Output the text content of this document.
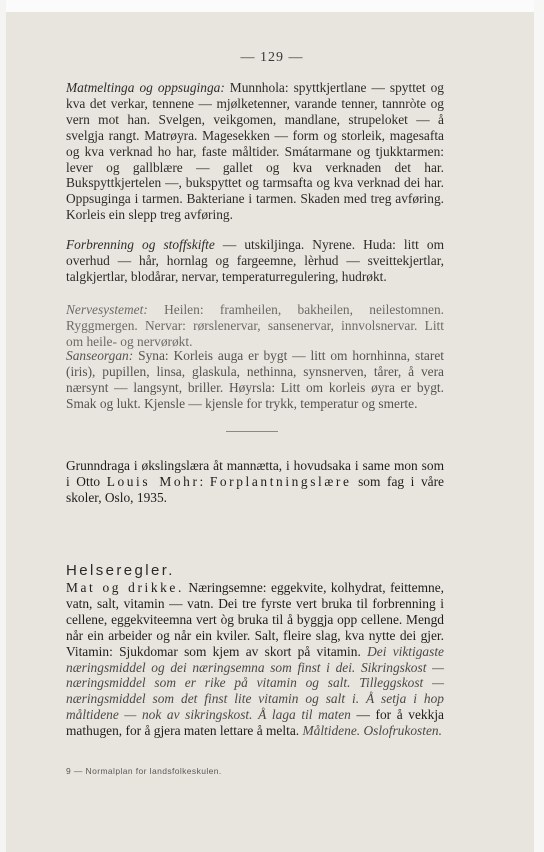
— 129 —

Matmeltinga og oppsuginga: Munnhola: spyttkjertlane — spyttet og kva det verkar, tennene — mjølketenner, varande tenner, tannròte og vern mot han. Svelgen, veikgomen, mandlane, strupeloket — å svelgja rangt. Matrøyra. Magesekken — form og storleik, magesafta og kva verknad ho har, faste måltider. Smátarmane og tjukktarmen: lever og gallblære — gallet og kva verknaden det har. Bukspyttkjertelen —, bukspyttet og tarmsafta og kva verknad dei har. Oppsuginga i tarmen. Bakteriane i tarmen. Skaden med treg avføring. Korleis ein slepp treg avføring.

Forbrenning og stoffskifte — utskiljinga. Nyrene. Huda: litt om overhud — hår, hornlag og fargeemne, lèrhud — sveittekjertlar, talgkjertlar, blodårar, nervar, temperaturregulering, hudrøkt.

Nervesystemet: Heilen: framheilen, bakheilen, neilestomnen. Ryggmergen. Nervar: rørslenervar, sansenervar, innvolsnervar. Litt om heile- og nervørøkt.

Sanseorgan: Syna: Korleis auga er bygt — litt om hornhinna, staret (iris), pupillen, linsa, glaskula, nethinna, synsnerven, tårer, å vera nærsynt — langsynt, briller. Høyrsla: Litt om korleis øyra er bygt. Smak og lukt. Kjensle — kjensle for trykk, temperatur og smerte.

Grunndraga i økslingslæra åt mannætta, i hovudsaka i same mon som i Otto Louis Mohr: Forplantningslære som fag i våre skoler, Oslo, 1935.

Helseregler.

Mat og drikke. Næringsemne: eggekvite, kolhydrat, feittemne, vatn, salt, vitamin — vatn. Dei tre fyrste vert bruka til forbrenning i cellene, eggekviteemna vert òg bruka til å byggja opp cellene. Mengd når ein arbeider og når ein kviler. Salt, fleire slag, kva nytte dei gjer. Vitamin: Sjukdomar som kjem av skort på vitamin. Dei viktigaste næringsmiddel og dei næringsemna som finst i dei. Sikringskost — næringsmiddel som er rike på vitamin og salt. Tilleggskost — næringsmiddel som det finst lite vitamin og salt i. Å setja i hop måltidene — nok av sikringskost. Å laga til maten — for å vekkja mathugen, for å gjera maten lettare å melta. Måltidene. Oslofrukosten.

9 — Normalplan for landsfolkeskulen.
